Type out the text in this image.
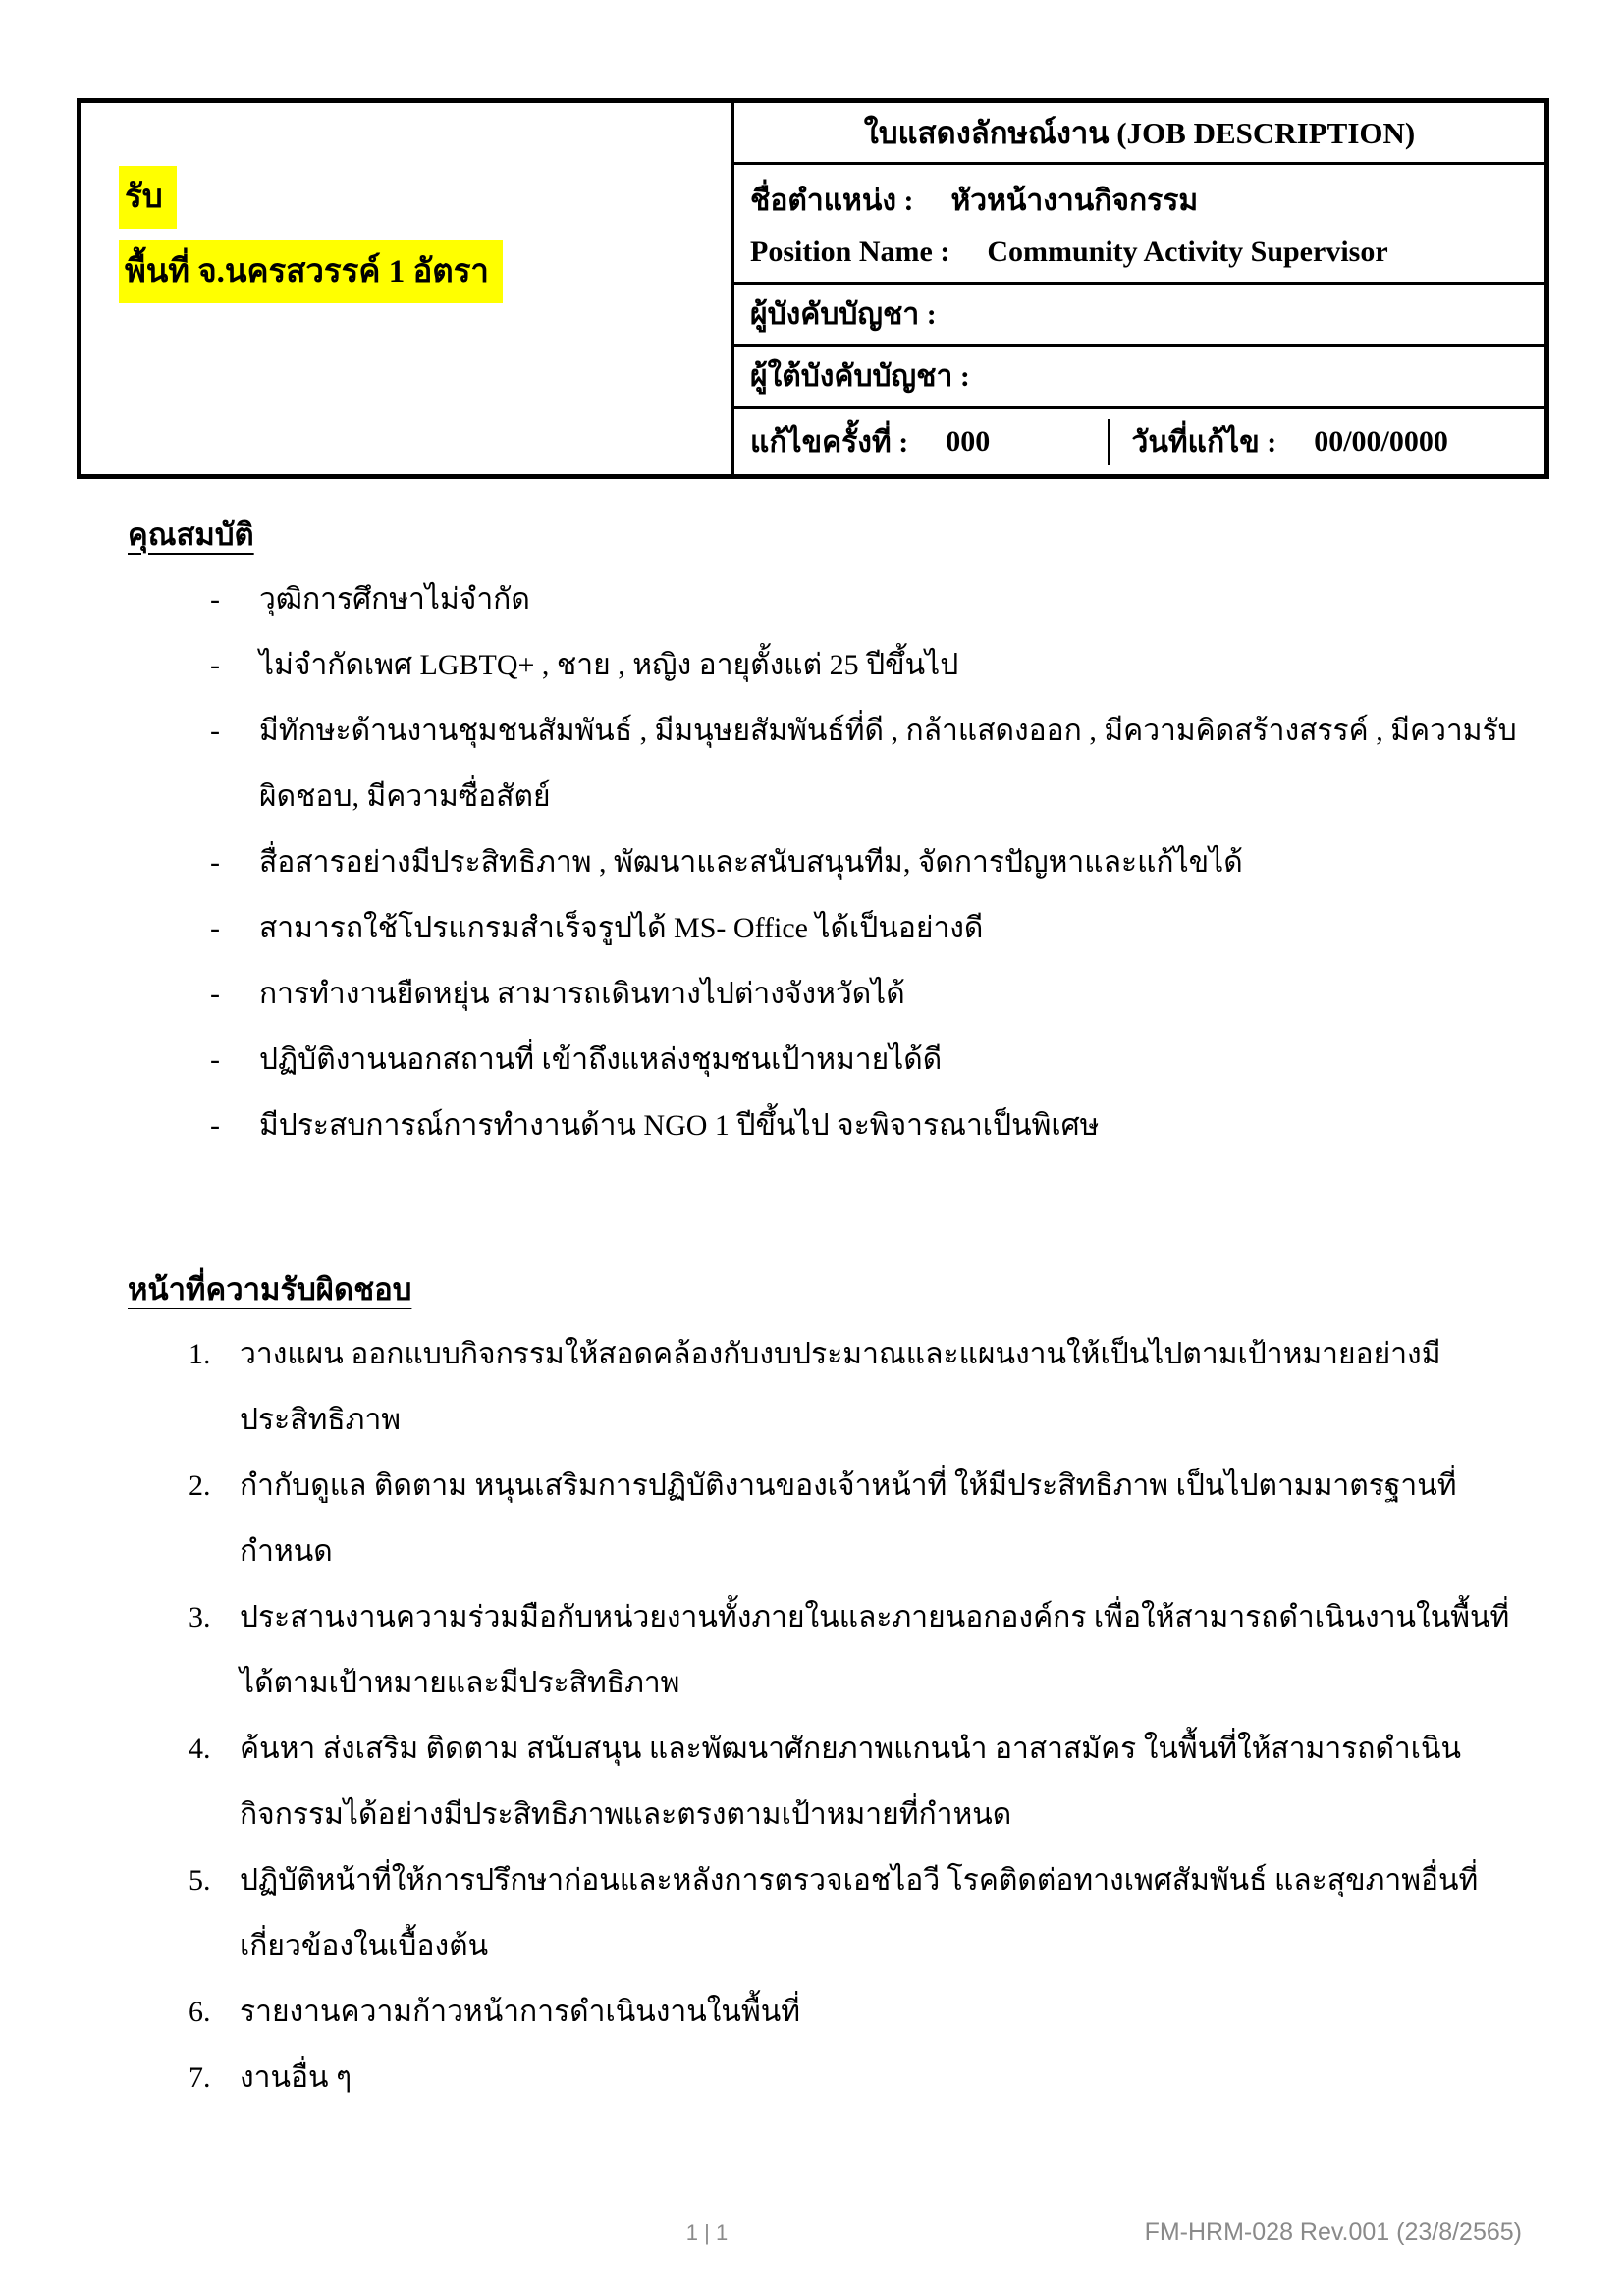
รับ
พื้นที่ จ.นครสวรรค์ 1 อัตรา
ใบแสดงลักษณ์งาน (JOB DESCRIPTION)
ชื่อตำแหน่ง : หัวหน้างานกิจกรรม
Position Name : Community Activity Supervisor
ผู้บังคับบัญชา :
ผู้ใต้บังคับบัญชา :
แก้ไขครั้งที่ : 000	วันที่แก้ไข : 00/00/0000
คุณสมบัติ
-	วุฒิการศึกษาไม่จำกัด
-	ไม่จำกัดเพศ LGBTQ+ , ชาย , หญิง อายุตั้งแต่ 25 ปีขึ้นไป
-	มีทักษะด้านงานชุมชนสัมพันธ์ , มีมนุษยสัมพันธ์ที่ดี , กล้าแสดงออก , มีความคิดสร้างสรรค์ , มีความรับผิดชอบ, มีความซื่อสัตย์
-	สื่อสารอย่างมีประสิทธิภาพ , พัฒนาและสนับสนุนทีม, จัดการปัญหาและแก้ไขได้
-	สามารถใช้โปรแกรมสำเร็จรูปได้ MS- Office ได้เป็นอย่างดี
-	การทำงานยืดหยุ่น สามารถเดินทางไปต่างจังหวัดได้
-	ปฏิบัติงานนอกสถานที่ เข้าถึงแหล่งชุมชนเป้าหมายได้ดี
-	มีประสบการณ์การทำงานด้าน NGO 1 ปีขึ้นไป จะพิจารณาเป็นพิเศษ
หน้าที่ความรับผิดชอบ
1. วางแผน ออกแบบกิจกรรมให้สอดคล้องกับงบประมาณและแผนงานให้เป็นไปตามเป้าหมายอย่างมีประสิทธิภาพ
2. กำกับดูแล ติดตาม หนุนเสริมการปฏิบัติงานของเจ้าหน้าที่ ให้มีประสิทธิภาพ เป็นไปตามมาตรฐานที่กำหนด
3. ประสานงานความร่วมมือกับหน่วยงานทั้งภายในและภายนอกองค์กร เพื่อให้สามารถดำเนินงานในพื้นที่ได้ตามเป้าหมายและมีประสิทธิภาพ
4. ค้นหา ส่งเสริม ติดตาม สนับสนุน และพัฒนาศักยภาพแกนนำ อาสาสมัคร ในพื้นที่ให้สามารถดำเนินกิจกรรมได้อย่างมีประสิทธิภาพและตรงตามเป้าหมายที่กำหนด
5. ปฏิบัติหน้าที่ให้การปรึกษาก่อนและหลังการตรวจเอชไอวี โรคติดต่อทางเพศสัมพันธ์ และสุขภาพอื่นที่เกี่ยวข้องในเบื้องต้น
6. รายงานความก้าวหน้าการดำเนินงานในพื้นที่
7. งานอื่น ๆ
1 | 1	FM-HRM-028 Rev.001 (23/8/2565)
